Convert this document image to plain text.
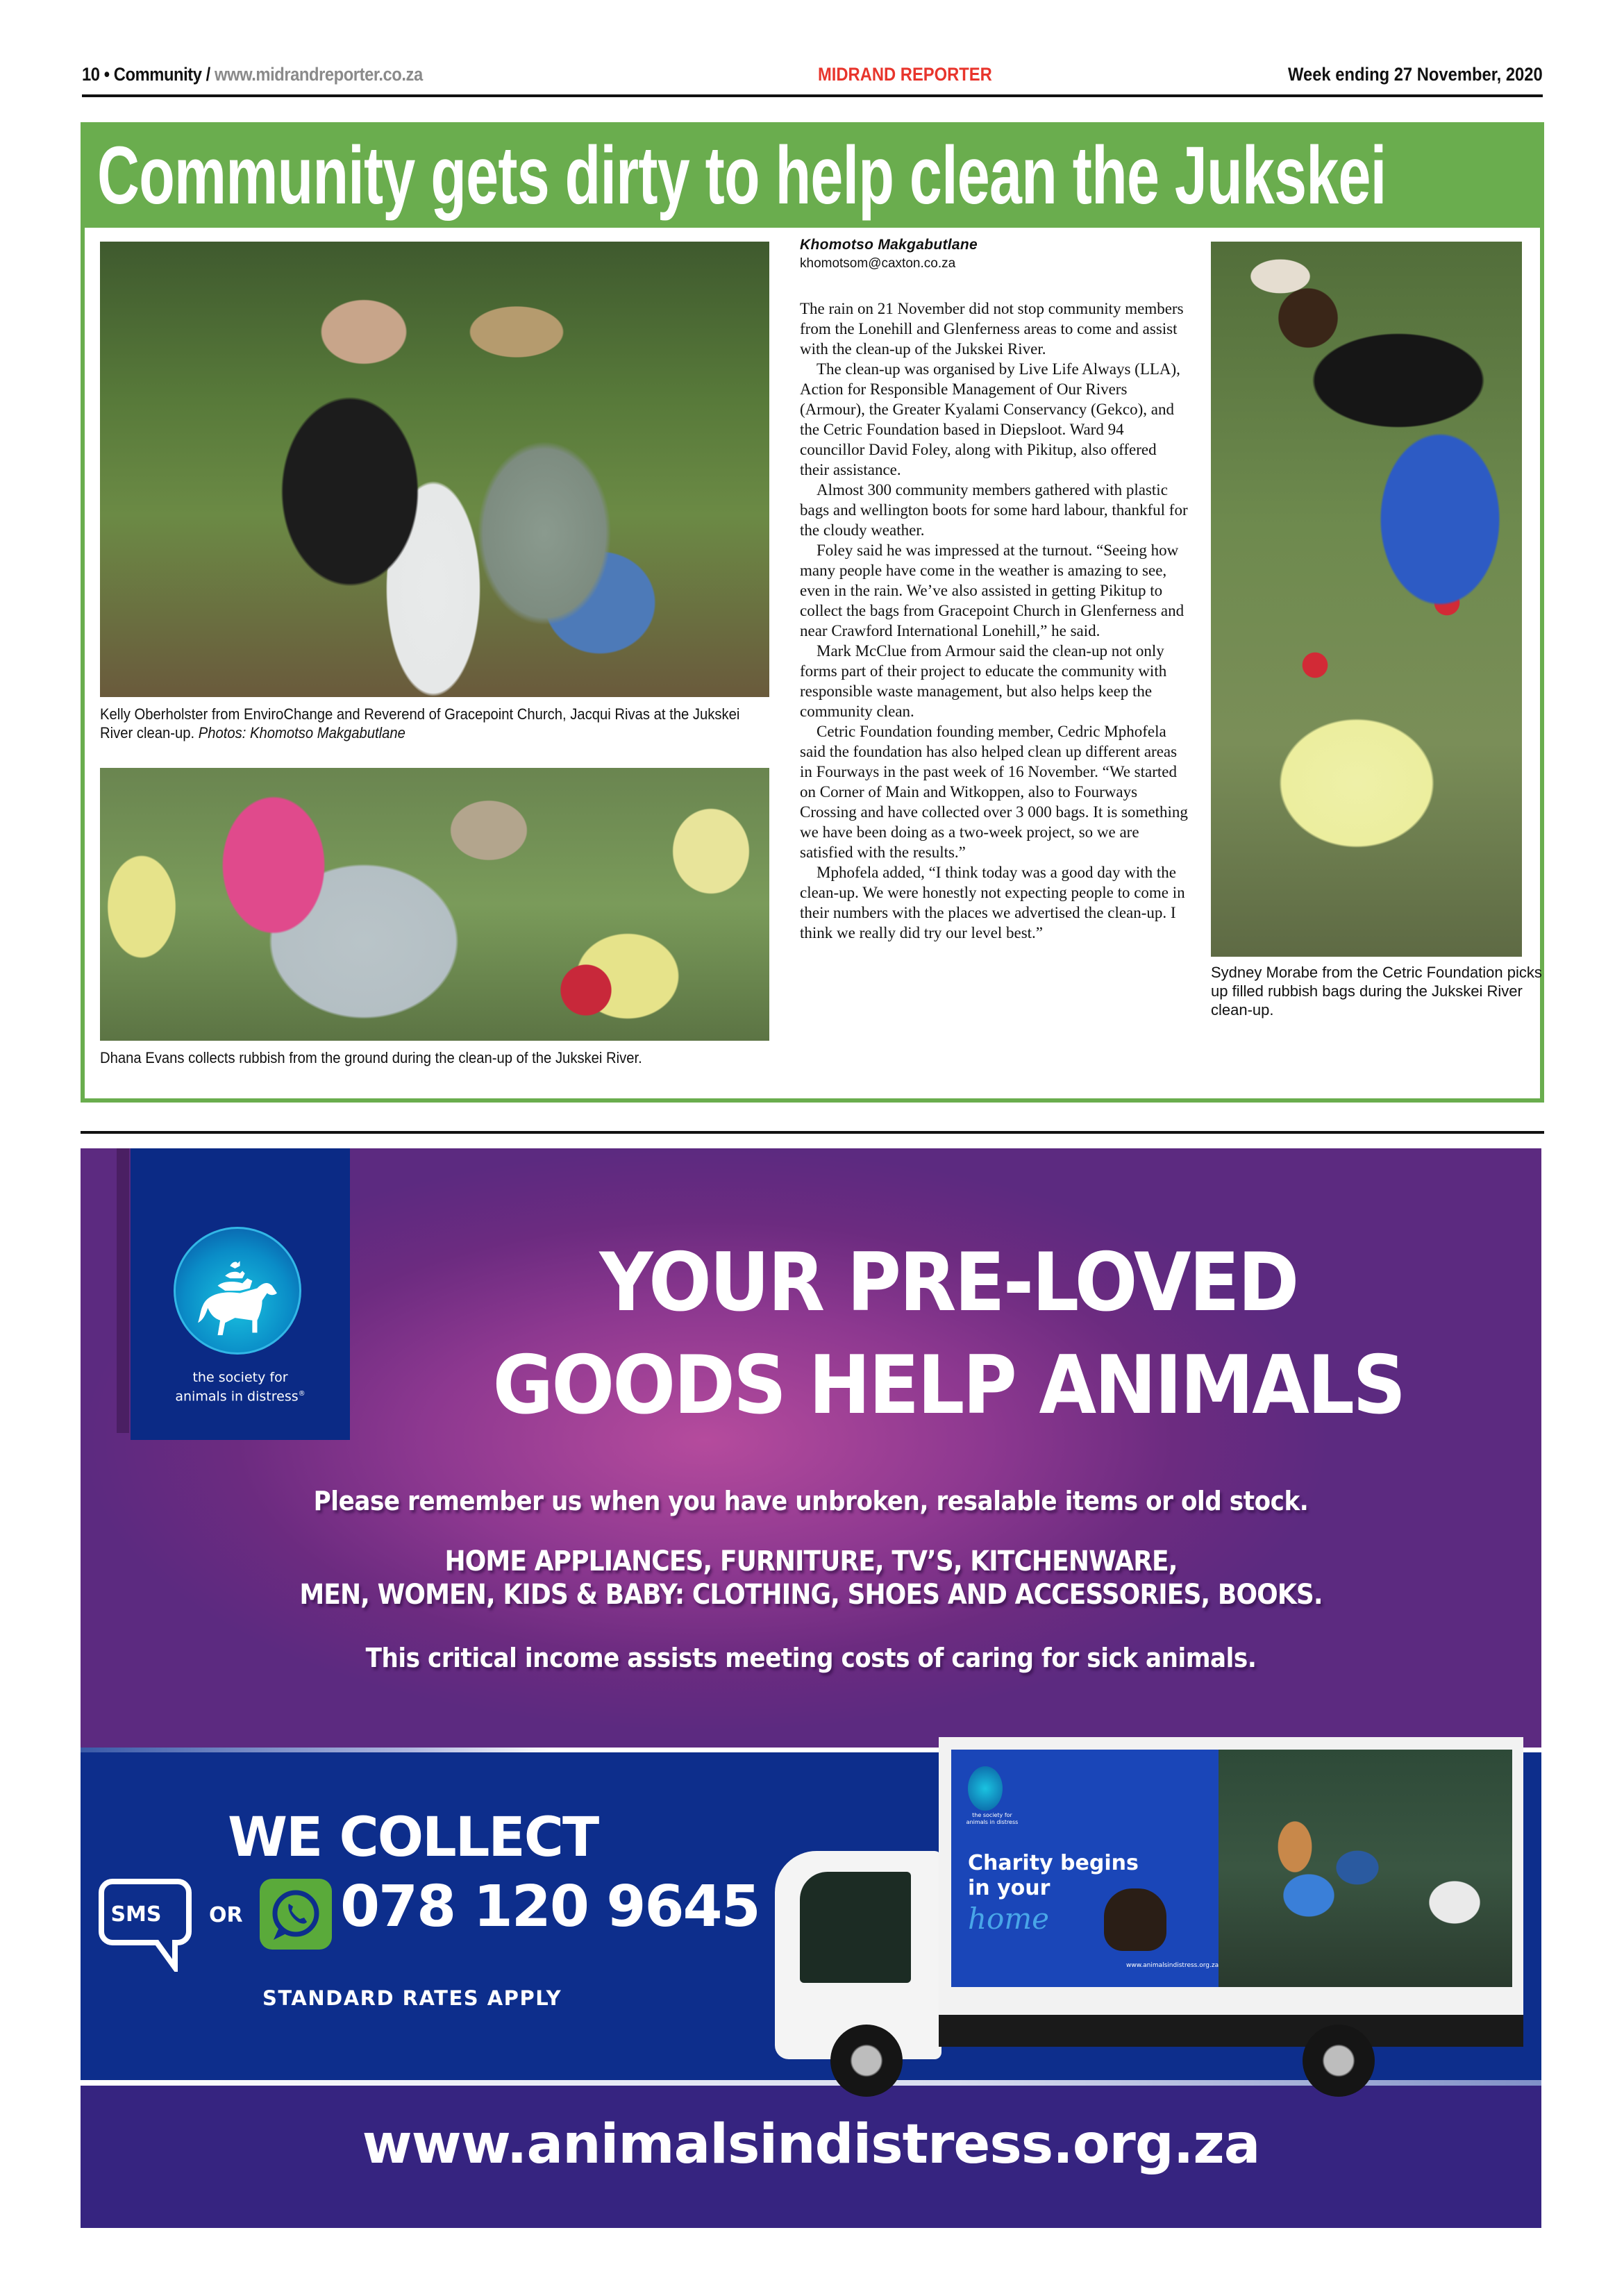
10 • Community / www.midrandreporter.co.za	MIDRAND REPORTER	Week ending 27 November, 2020
Community gets dirty to help clean the Jukskei
Kelly Oberholster from EnviroChange and Reverend of Gracepoint Church, Jacqui Rivas at the Jukskei River clean-up. Photos: Khomotso Makgabutlane
Dhana Evans collects rubbish from the ground during the clean-up of the Jukskei River.
Khomotso Makgabutlane
khomotsom@caxton.co.za

The rain on 21 November did not stop community members from the Lonehill and Glenferness areas to come and assist with the clean-up of the Jukskei River.

The clean-up was organised by Live Life Always (LLA), Action for Responsible Management of Our Rivers (Armour), the Greater Kyalami Conservancy (Gekco), and the Cetric Foundation based in Diepsloot. Ward 94 councillor David Foley, along with Pikitup, also offered their assistance.

Almost 300 community members gathered with plastic bags and wellington boots for some hard labour, thankful for the cloudy weather.

Foley said he was impressed at the turnout. “Seeing how many people have come in the weather is amazing to see, even in the rain. We’ve also assisted in getting Pikitup to collect the bags from Gracepoint Church in Glenferness and near Crawford International Lonehill,” he said.

Mark McClue from Armour said the clean-up not only forms part of their project to educate the community with responsible waste management, but also helps keep the community clean.

Cetric Foundation founding member, Cedric Mphofela said the foundation has also helped clean up different areas in Fourways in the past week of 16 November. “We started on Corner of Main and Witkoppen, also to Fourways Crossing and have collected over 3 000 bags. It is something we have been doing as a two-week project, so we are satisfied with the results.”

Mphofela added, “I think today was a good day with the clean-up. We were honestly not expecting people to come in their numbers with the places we advertised the clean-up. I think we really did try our level best.”

Sydney Morabe from the Cetric Foundation picks up filled rubbish bags during the Jukskei River clean-up.
the society for
animals in distress®
YOUR PRE-LOVED
GOODS HELP ANIMALS
Please remember us when you have unbroken, resalable items or old stock.
HOME APPLIANCES, FURNITURE, TV’S, KITCHENWARE,
MEN, WOMEN, KIDS & BABY: CLOTHING, SHOES AND ACCESSORIES, BOOKS.
This critical income assists meeting costs of caring for sick animals.
WE COLLECT
SMS	OR 078 120 9645
STANDARD RATES APPLY
the society for animals in distress
Charity begins
in your
home
www.animalsindistress.org.za
www.animalsindistress.org.za
